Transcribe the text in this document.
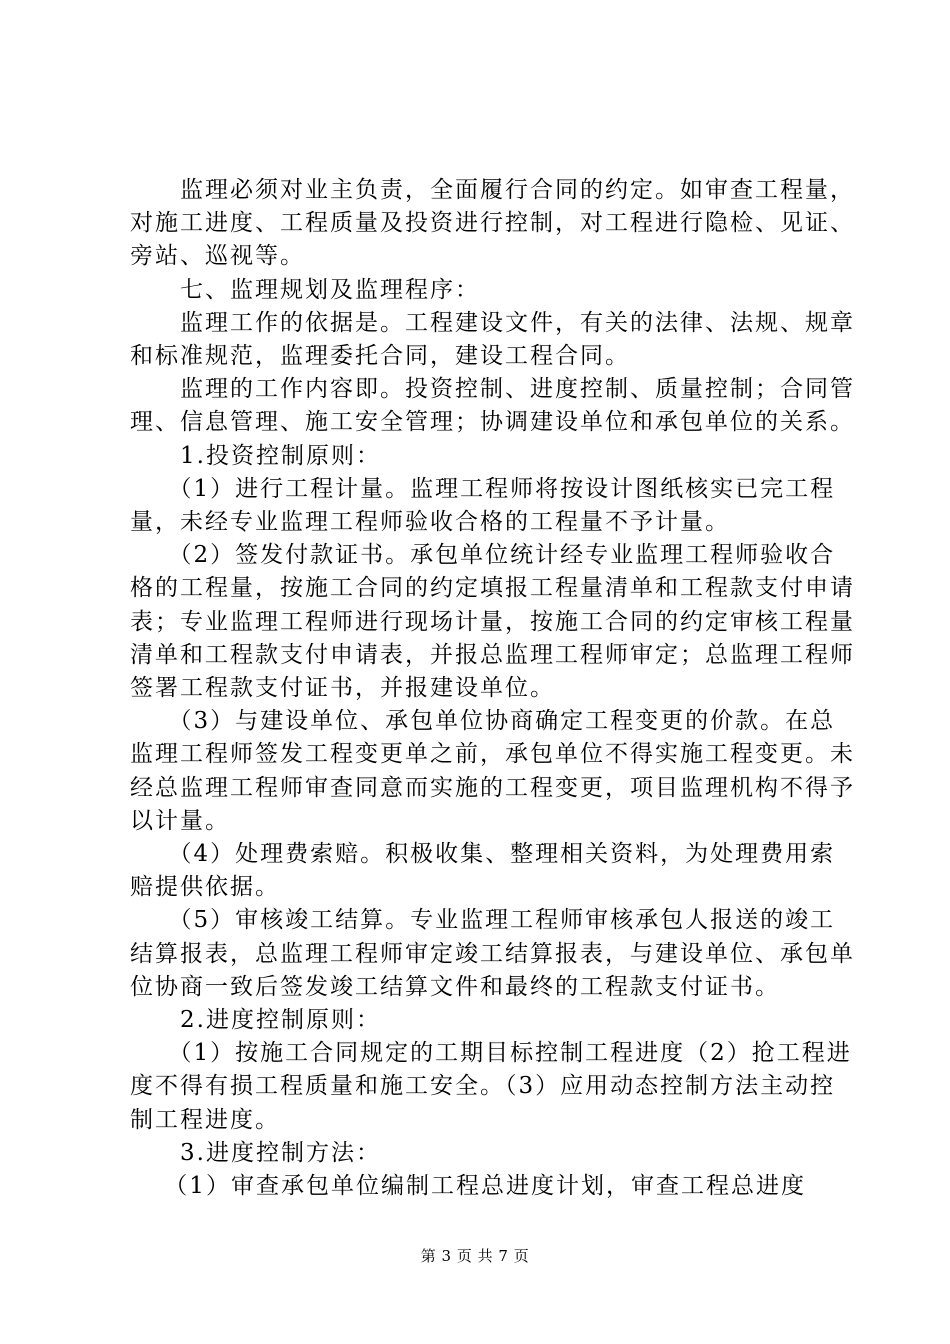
　　监理必须对业主负责，全面履行合同的约定。如审查工程量，对施工进度、工程质量及投资进行控制，对工程进行隐检、见证、旁站、巡视等。

　　七、监理规划及监理程序：

　　监理工作的依据是。工程建设文件，有关的法律、法规、规章和标准规范，监理委托合同，建设工程合同。

　　监理的工作内容即。投资控制、进度控制、质量控制；合同管理、信息管理、施工安全管理；协调建设单位和承包单位的关系。

　　1.投资控制原则：

　　（1）进行工程计量。监理工程师将按设计图纸核实已完工程量，未经专业监理工程师验收合格的工程量不予计量。

　　（2）签发付款证书。承包单位统计经专业监理工程师验收合格的工程量，按施工合同的约定填报工程量清单和工程款支付申请表；专业监理工程师进行现场计量，按施工合同的约定审核工程量清单和工程款支付申请表，并报总监理工程师审定；总监理工程师签署工程款支付证书，并报建设单位。

　　（3）与建设单位、承包单位协商确定工程变更的价款。在总监理工程师签发工程变更单之前，承包单位不得实施工程变更。未经总监理工程师审查同意而实施的工程变更，项目监理机构不得予以计量。

　　（4）处理费索赔。积极收集、整理相关资料，为处理费用索赔提供依据。

　　（5）审核竣工结算。专业监理工程师审核承包人报送的竣工结算报表，总监理工程师审定竣工结算报表，与建设单位、承包单位协商一致后签发竣工结算文件和最终的工程款支付证书。

　　2.进度控制原则：

　　（1）按施工合同规定的工期目标控制工程进度（2）抢工程进度不得有损工程质量和施工安全。（3）应用动态控制方法主动控制工程进度。

　　3.进度控制方法：

　 （1）审查承包单位编制工程总进度计划，审查工程总进度

第 3 页 共 7 页
